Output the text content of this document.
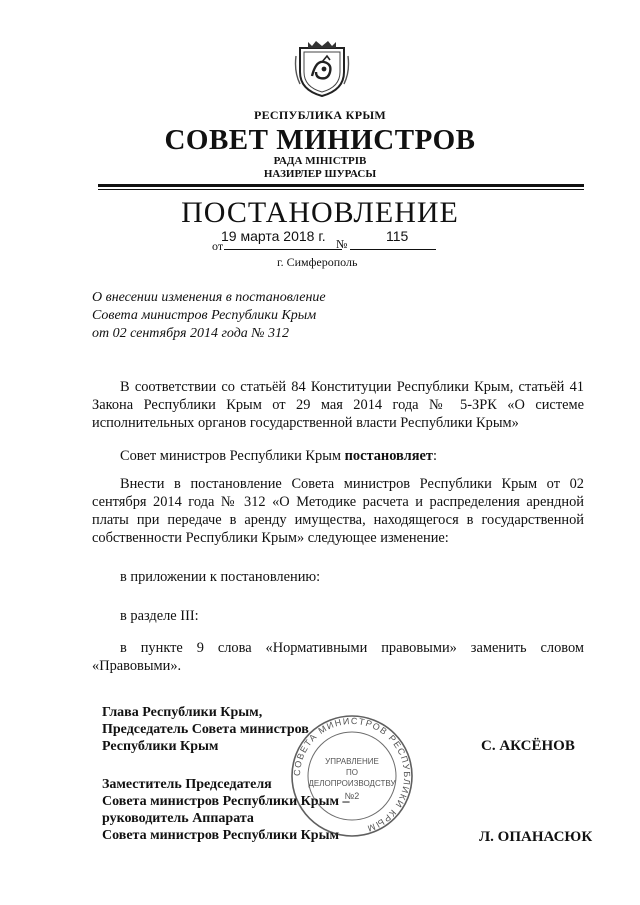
РЕСПУБЛИКА КРЫМ
СОВЕТ МИНИСТРОВ
РАДА МІНІСТРІВ
НАЗИРЛЕР ШУРАСЫ
ПОСТАНОВЛЕНИЕ
от
19 марта 2018 г. №	115
г. Симферополь
О внесении изменения в постановление
Совета министров Республики Крым
от 02 сентября 2014 года № 312
В соответствии со статьёй 84 Конституции Республики Крым, статьёй 41 Закона Республики Крым от 29 мая 2014 года № 5-ЗРК «О системе исполнительных органов государственной власти Республики Крым»
Совет министров Республики Крым постановляет:
Внести в постановление Совета министров Республики Крым от 02 сентября 2014 года № 312 «О Методике расчета и распределения арендной платы при передаче в аренду имущества, находящегося в государственной собственности Республики Крым» следующее изменение:
в приложении к постановлению:
в разделе III:
в пункте 9 слова «Нормативными правовыми» заменить словом «Правовыми».
Глава Республики Крым,
Председатель Совета министров
Республики Крым	С. АКСЁНОВ
Заместитель Председателя
Совета министров Республики Крым –
руководитель Аппарата
Совета министров Республики Крым	Л. ОПАНАСЮК
СОВЕТА МИНИСТРОВ РЕСПУБЛИКИ КРЫМ
УПРАВЛЕНИЕ
ПО
ДЕЛОПРОИЗВОДСТВУ
№2
